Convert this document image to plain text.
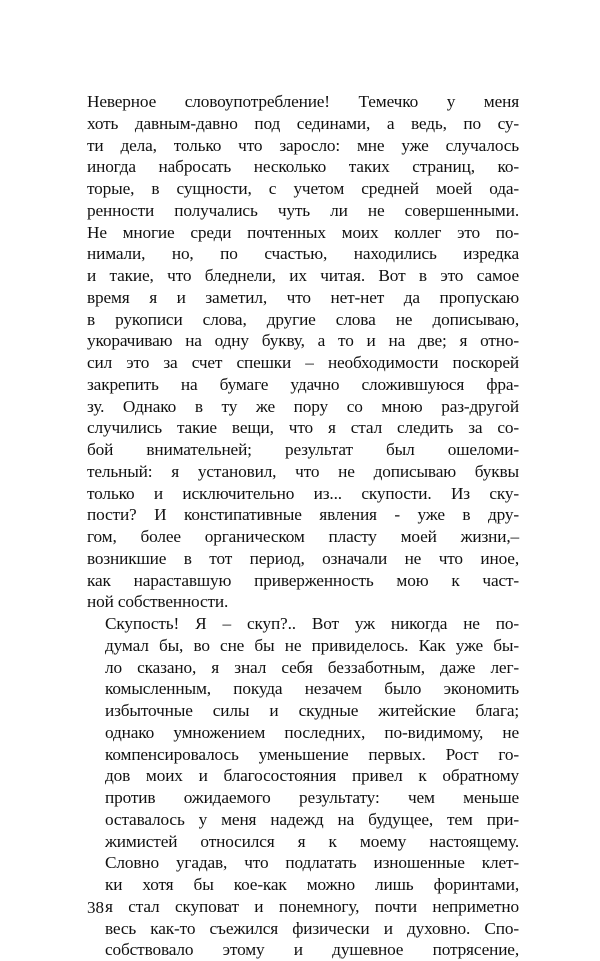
Неверное словоупотребление! Темечко у меня
хоть давным-давно под сединами, а ведь, по су-
ти дела, только что заросло: мне уже случалось
иногда набросать несколько таких страниц, ко-
торые, в сущности, с учетом средней моей ода-
ренности получались чуть ли не совершенными.
Не многие среди почтенных моих коллег это по-
нимали, но, по счастью, находились изредка
и такие, что бледнели, их читая. Вот в это самое
время я и заметил, что нет-нет да пропускаю
в рукописи слова, другие слова не дописываю,
укорачиваю на одну букву, а то и на две; я отно-
сил это за счет спешки – необходимости поскорей
закрепить на бумаге удачно сложившуюся фра-
зу. Однако в ту же пору со мною раз-другой
случились такие вещи, что я стал следить за со-
бой внимательней; результат был ошеломи-
тельный: я установил, что не дописываю буквы
только и исключительно из... скупости. Из ску-
пости? И констипативные явления - уже в дру-
гом, более органическом пласту моей жизни,–
возникшие в тот период, означали не что иное,
как нараставшую приверженность мою к част-
ной собственности.

Скупость! Я – скуп?.. Вот уж никогда не по-
думал бы, во сне бы не привиделось. Как уже бы-
ло сказано, я знал себя беззаботным, даже лег-
комысленным, покуда незачем было экономить
избыточные силы и скудные житейские блага;
однако умножением последних, по-видимому, не
компенсировалось уменьшение первых. Рост го-
дов моих и благосостояния привел к обратному
против ожидаемого результату: чем меньше
оставалось у меня надежд на будущее, тем при-
жимистей относился я к моему настоящему.
Словно угадав, что подлатать изношенные клет-
ки хотя бы кое-как можно лишь форинтами,
я стал скуповат и понемногу, почти неприметно
весь как-то съежился физически и духовно. Спо-
собствовало этому и душевное потрясение,

38
